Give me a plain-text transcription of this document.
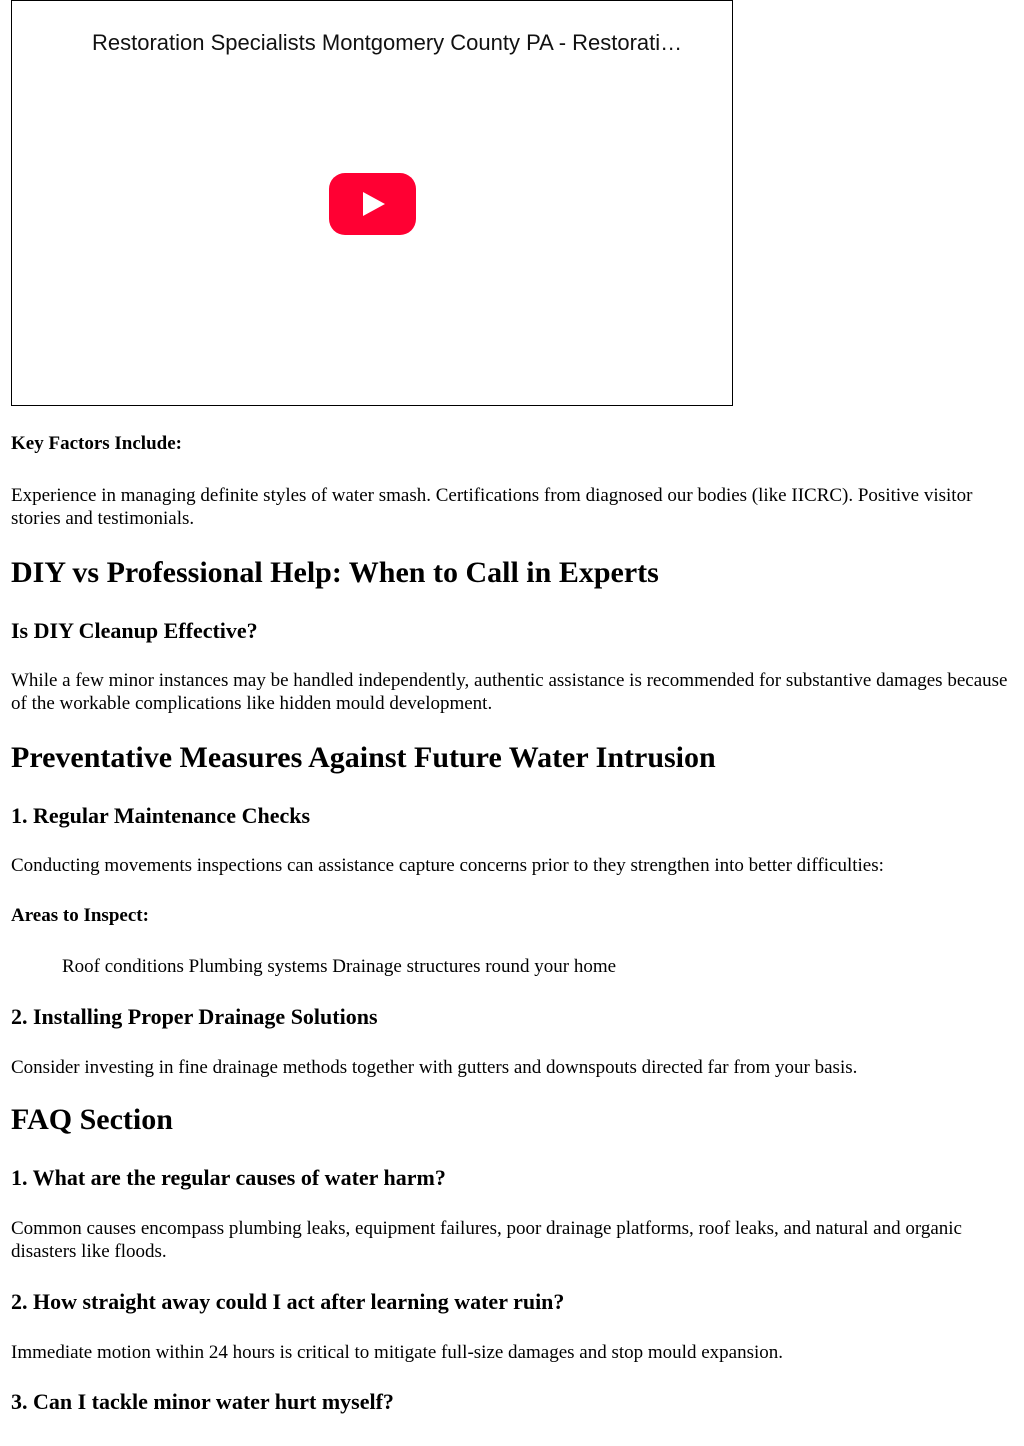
Restoration Specialists Montgomery County PA - Restorati…
Key Factors Include:

Experience in managing definite styles of water smash. Certifications from diagnosed our bodies (like IICRC). Positive visitor stories and testimonials.

DIY vs Professional Help: When to Call in Experts
Is DIY Cleanup Effective?

While a few minor instances may be handled independently, authentic assistance is recommended for substantive damages because of the workable complications like hidden mould development.

Preventative Measures Against Future Water Intrusion
1. Regular Maintenance Checks

Conducting movements inspections can assistance capture concerns prior to they strengthen into better difficulties:

Areas to Inspect:

Roof conditions Plumbing systems Drainage structures round your home

2. Installing Proper Drainage Solutions

Consider investing in fine drainage methods together with gutters and downspouts directed far from your basis.

FAQ Section
1. What are the regular causes of water harm?

Common causes encompass plumbing leaks, equipment failures, poor drainage platforms, roof leaks, and natural and organic disasters like floods.

2. How straight away could I act after learning water ruin?

Immediate motion within 24 hours is critical to mitigate full-size damages and stop mould expansion.

3. Can I tackle minor water hurt myself?
